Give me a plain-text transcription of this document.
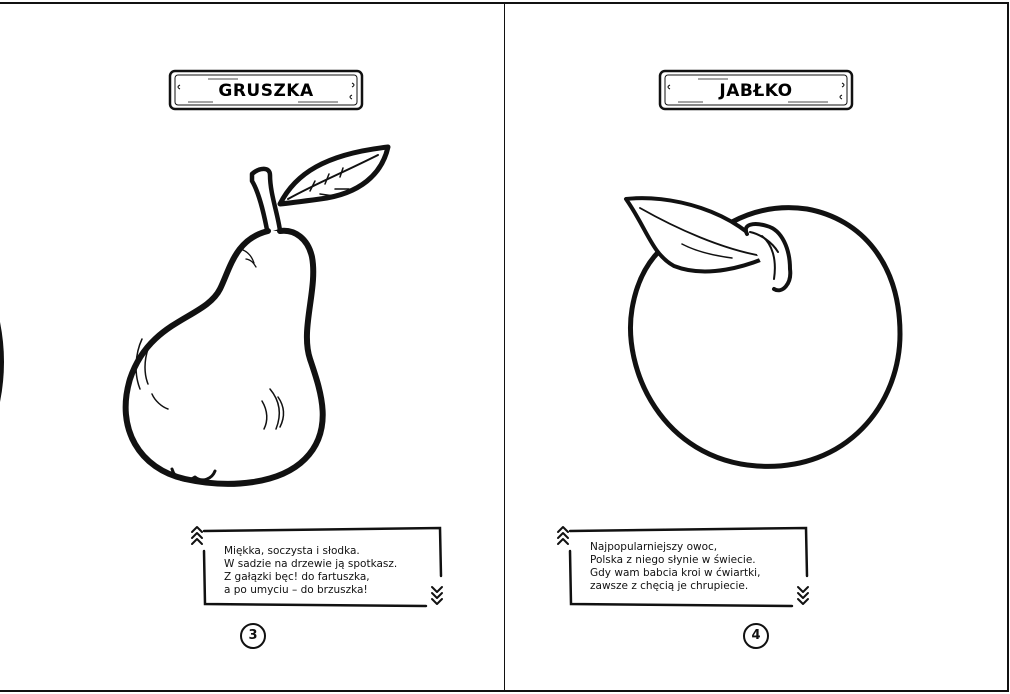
GRUSZKA
Miękka, soczysta i słodka.
W sadzie na drzewie ją spotkasz.
Z gałązki bęc! do fartuszka,
a po umyciu – do brzuszka!
3
JABŁKO
Najpopularniejszy owoc,
Polska z niego słynie w świecie.
Gdy wam babcia kroi w ćwiartki,
zawsze z chęcią je chrupiecie.
4
